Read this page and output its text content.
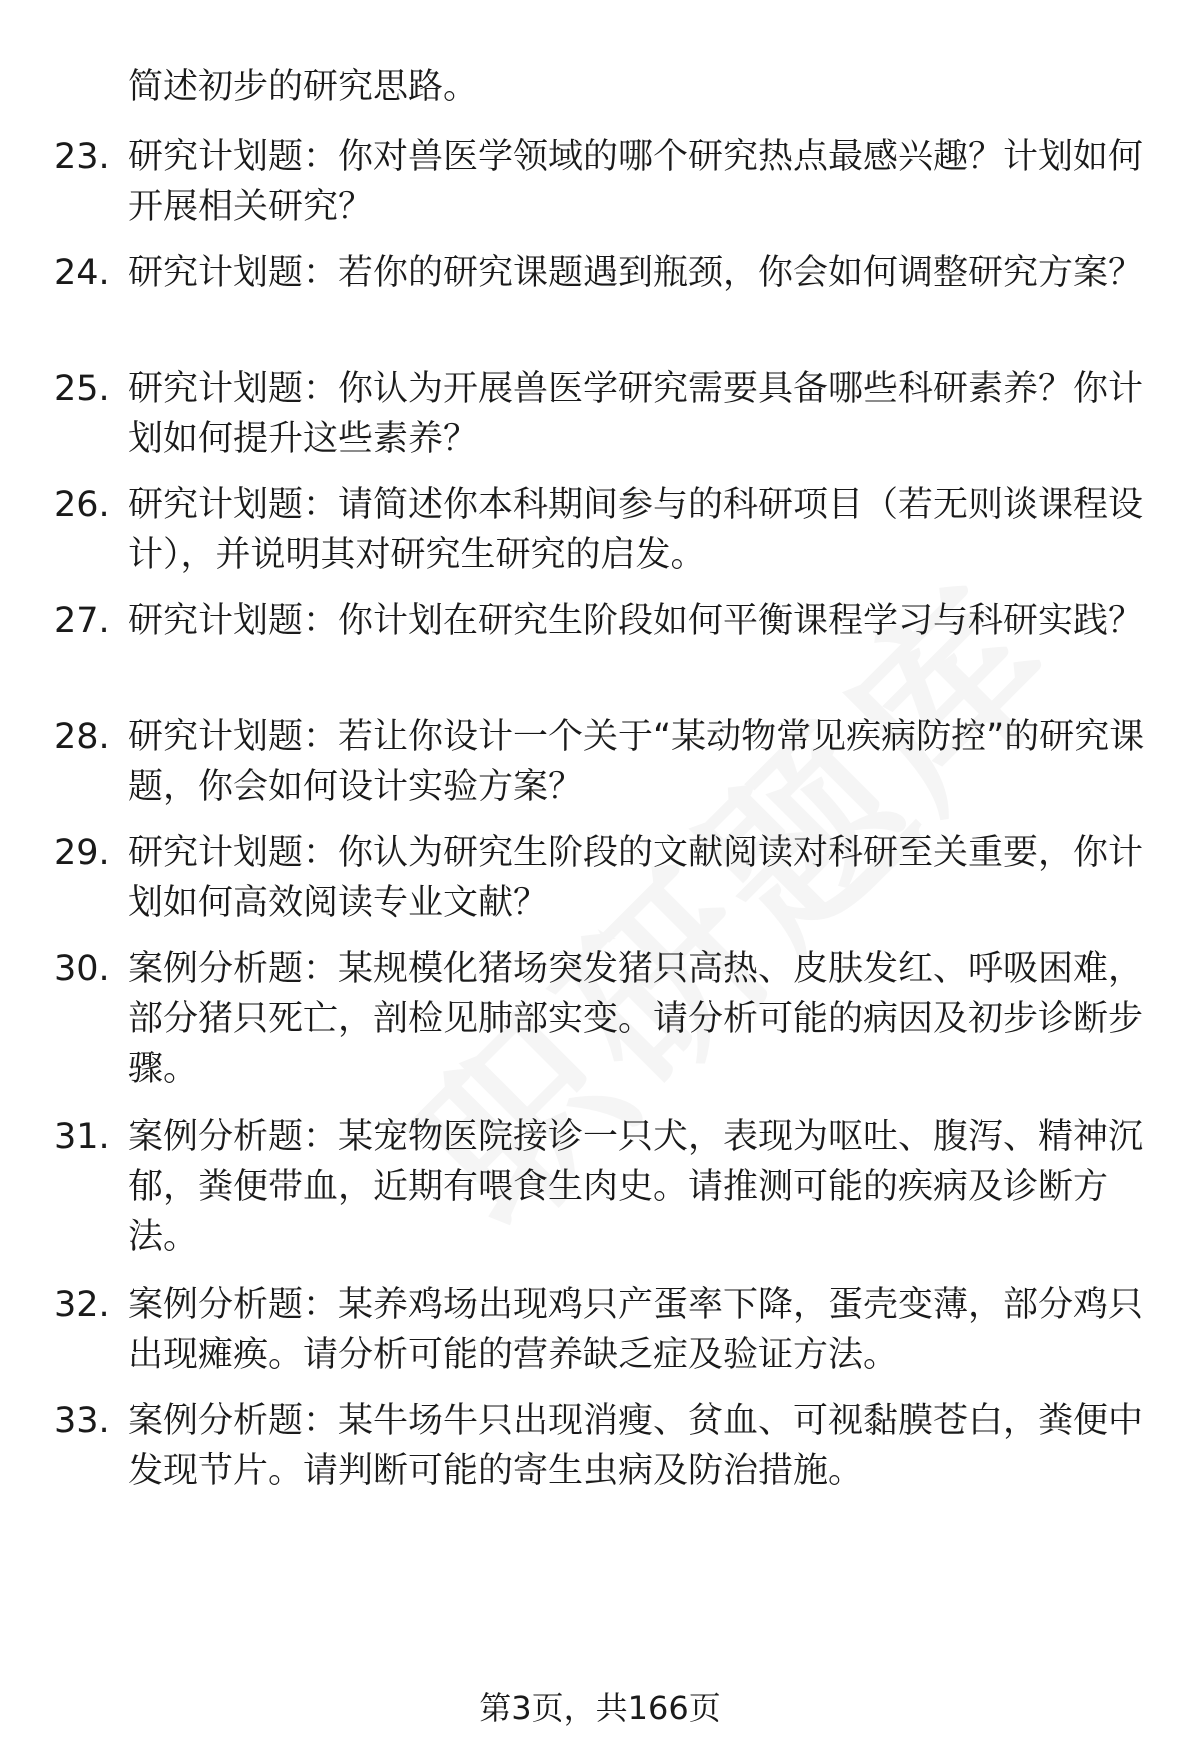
简述初步的研究思路。
23. 研究计划题：你对兽医学领域的哪个研究热点最感兴趣？计划如何开展相关研究？
24. 研究计划题：若你的研究课题遇到瓶颈，你会如何调整研究方案？
25. 研究计划题：你认为开展兽医学研究需要具备哪些科研素养？你计划如何提升这些素养？
26. 研究计划题：请简述你本科期间参与的科研项目（若无则谈课程设计），并说明其对研究生研究的启发。
27. 研究计划题：你计划在研究生阶段如何平衡课程学习与科研实践？
28. 研究计划题：若让你设计一个关于“某动物常见疾病防控”的研究课题，你会如何设计实验方案？
29. 研究计划题：你认为研究生阶段的文献阅读对科研至关重要，你计划如何高效阅读专业文献？
30. 案例分析题：某规模化猪场突发猪只高热、皮肤发红、呼吸困难，部分猪只死亡，剖检见肺部实变。请分析可能的病因及初步诊断步骤。
31. 案例分析题：某宠物医院接诊一只犬，表现为呕吐、腹泻、精神沉郁，粪便带血，近期有喂食生肉史。请推测可能的疾病及诊断方法。
32. 案例分析题：某养鸡场出现鸡只产蛋率下降，蛋壳变薄，部分鸡只出现瘫痪。请分析可能的营养缺乏症及验证方法。
33. 案例分析题：某牛场牛只出现消瘦、贫血、可视黏膜苍白，粪便中发现节片。请判断可能的寄生虫病及防治措施。
第3页，共166页
